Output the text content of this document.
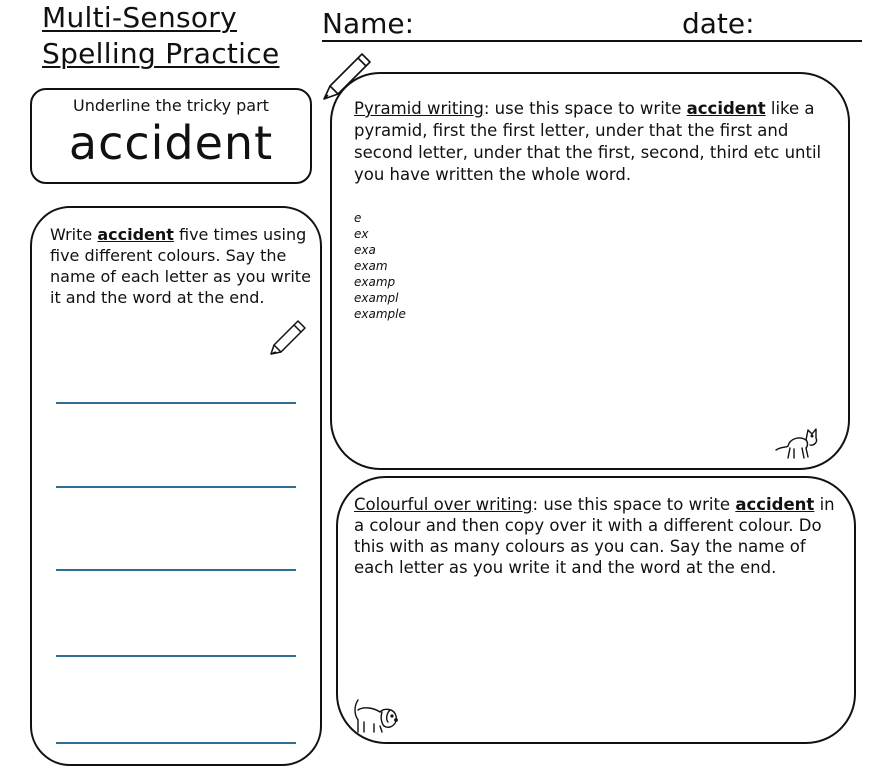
Multi-Sensory
Spelling Practice
Name:	date:
Underline the tricky part
accident
Write accident five times using five different colours. Say the name of each letter as you write it and the word at the end.
Pyramid writing: use this space to write accident like a pyramid, first the first letter, under that the first and second letter, under that the first, second, third etc until you have written the whole word.
e
ex
exa
exam
examp
exampl
example
Colourful over writing: use this space to write accident in a colour and then copy over it with a different colour. Do this with as many colours as you can. Say the name of each letter as you write it and the word at the end.
